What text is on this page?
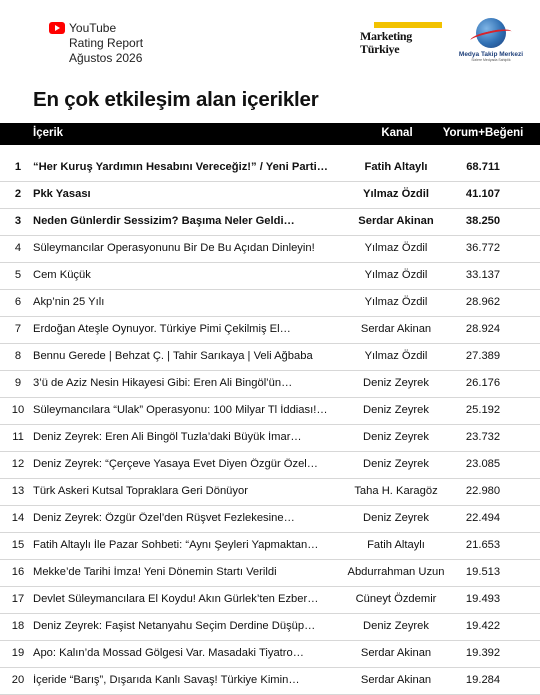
YouTube
Rating Report
Ağustos 2026
Marketing
Türkiye	Medya Takip Merkezi
Sizlere Medyada Sahiplik
En çok etkileşim alan içerikler
İçerik	Kanal	Yorum+Beğeni
1	“Her Kuruş Yardımın Hesabını Vereceğiz!” / Yeni Parti…	Fatih Altaylı	68.711
2	Pkk Yasası	Yılmaz Özdil	41.107
3	Neden Günlerdir Sessizim? Başıma Neler Geldi…	Serdar Akinan	38.250
4	Süleymancılar Operasyonunu Bir De Bu Açıdan Dinleyin!	Yılmaz Özdil	36.772
5	Cem Küçük	Yılmaz Özdil	33.137
6	Akp’nin 25 Yılı	Yılmaz Özdil	28.962
7	Erdoğan Ateşle Oynuyor. Türkiye Pimi Çekilmiş El…	Serdar Akinan	28.924
8	Bennu Gerede | Behzat Ç. | Tahir Sarıkaya | Veli Ağbaba	Yılmaz Özdil	27.389
9	3’ü de Aziz Nesin Hikayesi Gibi: Eren Ali Bingöl’ün…	Deniz Zeyrek	26.176
10 Süleymancılara “Ulak” Operasyonu: 100 Milyar Tl İddiası!…	Deniz Zeyrek	25.192
11 Deniz Zeyrek: Eren Ali Bingöl Tuzla’daki Büyük İmar…	Deniz Zeyrek	23.732
12 Deniz Zeyrek: “Çerçeve Yasaya Evet Diyen Özgür Özel…	Deniz Zeyrek	23.085
13 Türk Askeri Kutsal Topraklara Geri Dönüyor	Taha H. Karagöz	22.980
14 Deniz Zeyrek: Özgür Özel’den Rüşvet Fezlekesine…	Deniz Zeyrek	22.494
15 Fatih Altaylı İle Pazar Sohbeti: “Aynı Şeyleri Yapmaktan…	Fatih Altaylı	21.653
16 Mekke’de Tarihi İmza! Yeni Dönemin Startı Verildi	Abdurrahman Uzun	19.513
17 Devlet Süleymancılara El Koydu! Akın Gürlek’ten Ezber…	Cüneyt Özdemir	19.493
18 Deniz Zeyrek: Faşist Netanyahu Seçim Derdine Düşüp…	Deniz Zeyrek	19.422
19 Apo: Kalın’da Mossad Gölgesi Var. Masadaki Tiyatro…	Serdar Akinan	19.392
20 İçeride “Barış”, Dışarıda Kanlı Savaş! Türkiye Kimin…	Serdar Akinan	19.284
